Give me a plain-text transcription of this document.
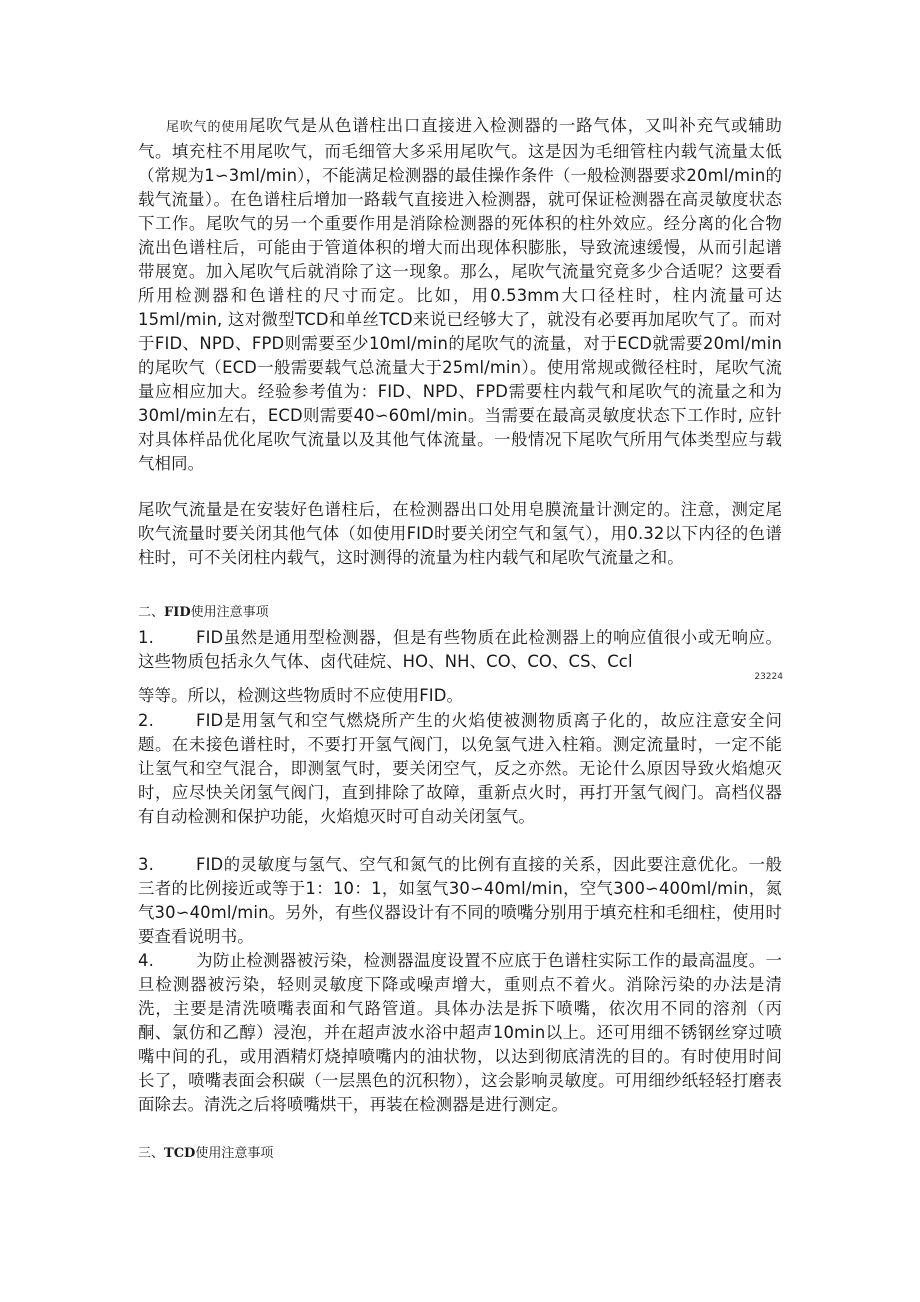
尾吹气的使用尾吹气是从色谱柱出口直接进入检测器的一路气体，又叫补充气或辅助气。填充柱不用尾吹气，而毛细管大多采用尾吹气。这是因为毛细管柱内载气流量太低（常规为1∽3ml/min），不能满足检测器的最佳操作条件（一般检测器要求20ml/min的载气流量）。在色谱柱后增加一路载气直接进入检测器，就可保证检测器在高灵敏度状态下工作。尾吹气的另一个重要作用是消除检测器的死体积的柱外效应。经分离的化合物流出色谱柱后，可能由于管道体积的增大而出现体积膨胀，导致流速缓慢，从而引起谱带展宽。加入尾吹气后就消除了这一现象。那么，尾吹气流量究竟多少合适呢？这要看所用检测器和色谱柱的尺寸而定。比如，用0.53mm大口径柱时，柱内流量可达15ml/min, 这对微型TCD和单丝TCD来说已经够大了，就没有必要再加尾吹气了。而对于FID、NPD、FPD则需要至少10ml/min的尾吹气的流量，对于ECD就需要20ml/min的尾吹气（ECD一般需要载气总流量大于25ml/min）。使用常规或微径柱时，尾吹气流量应相应加大。经验参考值为：FID、NPD、FPD需要柱内载气和尾吹气的流量之和为30ml/min左右，ECD则需要40∽60ml/min。当需要在最高灵敏度状态下工作时, 应针对具体样品优化尾吹气流量以及其他气体流量。一般情况下尾吹气所用气体类型应与载气相同。

尾吹气流量是在安装好色谱柱后，在检测器出口处用皂膜流量计测定的。注意，测定尾吹气流量时要关闭其他气体（如使用FID时要关闭空气和氢气），用0.32以下内径的色谱柱时，可不关闭柱内载气，这时测得的流量为柱内载气和尾吹气流量之和。

二、FID使用注意事项

1.	FID虽然是通用型检测器，但是有些物质在此检测器上的响应值很小或无响应。这些物质包括永久气体、卤代硅烷、HO、NH、CO、CO、CS、Ccl

23224

等等。所以，检测这些物质时不应使用FID。

2.	FID是用氢气和空气燃烧所产生的火焰使被测物质离子化的，故应注意安全问题。在未接色谱柱时，不要打开氢气阀门，以免氢气进入柱箱。测定流量时，一定不能让氢气和空气混合，即测氢气时，要关闭空气，反之亦然。无论什么原因导致火焰熄灭时，应尽快关闭氢气阀门，直到排除了故障，重新点火时，再打开氢气阀门。高档仪器有自动检测和保护功能，火焰熄灭时可自动关闭氢气。

3.	FID的灵敏度与氢气、空气和氮气的比例有直接的关系，因此要注意优化。一般三者的比例接近或等于1：10：1，如氢气30∽40ml/min，空气300∽400ml/min，氮气30∽40ml/min。另外，有些仪器设计有不同的喷嘴分别用于填充柱和毛细柱，使用时要查看说明书。

4.	为防止检测器被污染，检测器温度设置不应底于色谱柱实际工作的最高温度。一旦检测器被污染，轻则灵敏度下降或噪声增大，重则点不着火。消除污染的办法是清洗，主要是清洗喷嘴表面和气路管道。具体办法是拆下喷嘴，依次用不同的溶剂（丙酮、氯仿和乙醇）浸泡，并在超声波水浴中超声10min以上。还可用细不锈钢丝穿过喷嘴中间的孔，或用酒精灯烧掉喷嘴内的油状物，以达到彻底清洗的目的。有时使用时间长了，喷嘴表面会积碳（一层黑色的沉积物），这会影响灵敏度。可用细纱纸轻轻打磨表面除去。清洗之后将喷嘴烘干，再装在检测器是进行测定。

三、TCD使用注意事项
